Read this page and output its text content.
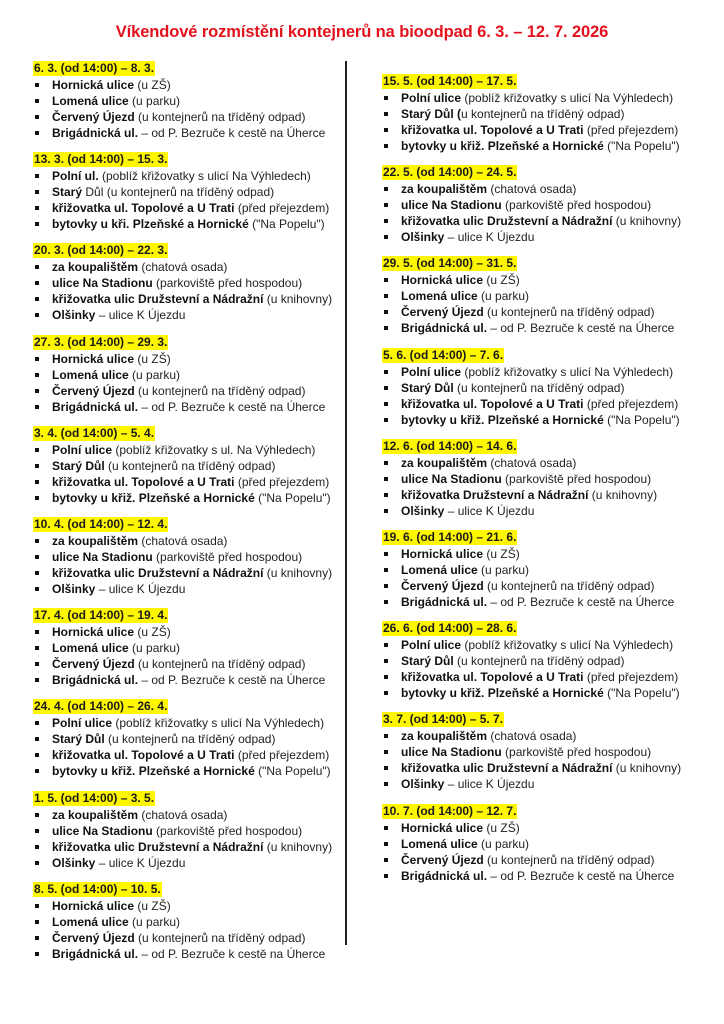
Víkendové rozmístění kontejnerů na bioodpad 6. 3. – 12. 7. 2026
6. 3. (od 14:00) – 8. 3.
Hornická ulice (u ZŠ)
Lomená ulice (u parku)
Červený Újezd (u kontejnerů na tříděný odpad)
Brigádnická ul. – od P. Bezruče k cestě na Úherce
13. 3. (od 14:00) – 15. 3.
Polní ul. (poblíž křižovatky s ulicí Na Výhledech)
Starý Důl (u kontejnerů na tříděný odpad)
křižovatka ul. Topolové a U Trati (před přejezdem)
bytovky u kři. Plzeňské a Hornické ("Na Popelu")
20. 3. (od 14:00) – 22. 3.
za koupalištěm (chatová osada)
ulice Na Stadionu (parkoviště před hospodou)
křižovatka ulic Družstevní a Nádražní (u knihovny)
Olšinky – ulice K Újezdu
27. 3. (od 14:00) – 29. 3.
Hornická ulice (u ZŠ)
Lomená ulice (u parku)
Červený Újezd (u kontejnerů na tříděný odpad)
Brigádnická ul. – od P. Bezruče k cestě na Úherce
3. 4. (od 14:00) – 5. 4.
Polní ulice (poblíž křižovatky s ul. Na Výhledech)
Starý Důl (u kontejnerů na tříděný odpad)
křižovatka ul. Topolové a U Trati (před přejezdem)
bytovky u křiž. Plzeňské a Hornické ("Na Popelu")
10. 4. (od 14:00) – 12. 4.
za koupalištěm (chatová osada)
ulice Na Stadionu (parkoviště před hospodou)
křižovatka ulic Družstevní a Nádražní (u knihovny)
Olšinky – ulice K Újezdu
17. 4. (od 14:00) – 19. 4.
Hornická ulice (u ZŠ)
Lomená ulice (u parku)
Červený Újezd (u kontejnerů na tříděný odpad)
Brigádnická ul. – od P. Bezruče k cestě na Úherce
24. 4. (od 14:00) – 26. 4.
Polní ulice (poblíž křižovatky s ulicí Na Výhledech)
Starý Důl (u kontejnerů na tříděný odpad)
křižovatka ul. Topolové a U Trati (před přejezdem)
bytovky u křiž. Plzeňské a Hornické ("Na Popelu")
1. 5. (od 14:00) – 3. 5.
za koupalištěm (chatová osada)
ulice Na Stadionu (parkoviště před hospodou)
křižovatka ulic Družstevní a Nádražní (u knihovny)
Olšinky – ulice K Újezdu
8. 5. (od 14:00) – 10. 5.
Hornická ulice (u ZŠ)
Lomená ulice (u parku)
Červený Újezd (u kontejnerů na tříděný odpad)
Brigádnická ul. – od P. Bezruče k cestě na Úherce
15. 5. (od 14:00) – 17. 5.
Polní ulice (poblíž křižovatky s ulicí Na Výhledech)
Starý Důl (u kontejnerů na tříděný odpad)
křižovatka ul. Topolové a U Trati (před přejezdem)
bytovky u křiž. Plzeňské a Hornické ("Na Popelu")
22. 5. (od 14:00) – 24. 5.
za koupalištěm (chatová osada)
ulice Na Stadionu (parkoviště před hospodou)
křižovatka ulic Družstevní a Nádražní (u knihovny)
Olšinky – ulice K Újezdu
29. 5. (od 14:00) – 31. 5.
Hornická ulice (u ZŠ)
Lomená ulice (u parku)
Červený Újezd (u kontejnerů na tříděný odpad)
Brigádnická ul. – od P. Bezruče k cestě na Úherce
5. 6. (od 14:00) – 7. 6.
Polní ulice (poblíž křižovatky s ulicí Na Výhledech)
Starý Důl (u kontejnerů na tříděný odpad)
křižovatka ul. Topolové a U Trati (před přejezdem)
bytovky u křiž. Plzeňské a Hornické ("Na Popelu")
12. 6. (od 14:00) – 14. 6.
za koupalištěm (chatová osada)
ulice Na Stadionu (parkoviště před hospodou)
křižovatka Družstevní a Nádražní (u knihovny)
Olšinky – ulice K Újezdu
19. 6. (od 14:00) – 21. 6.
Hornická ulice (u ZŠ)
Lomená ulice (u parku)
Červený Újezd (u kontejnerů na tříděný odpad)
Brigádnická ul. – od P. Bezruče k cestě na Úherce
26. 6. (od 14:00) – 28. 6.
Polní ulice (poblíž křižovatky s ulicí Na Výhledech)
Starý Důl (u kontejnerů na tříděný odpad)
křižovatka ul. Topolové a U Trati (před přejezdem)
bytovky u křiž. Plzeňské a Hornické ("Na Popelu")
3. 7. (od 14:00) – 5. 7.
za koupalištěm (chatová osada)
ulice Na Stadionu (parkoviště před hospodou)
křižovatka ulic Družstevní a Nádražní (u knihovny)
Olšinky – ulice K Újezdu
10. 7. (od 14:00) – 12. 7.
Hornická ulice (u ZŠ)
Lomená ulice (u parku)
Červený Újezd (u kontejnerů na tříděný odpad)
Brigádnická ul. – od P. Bezruče k cestě na Úherce
